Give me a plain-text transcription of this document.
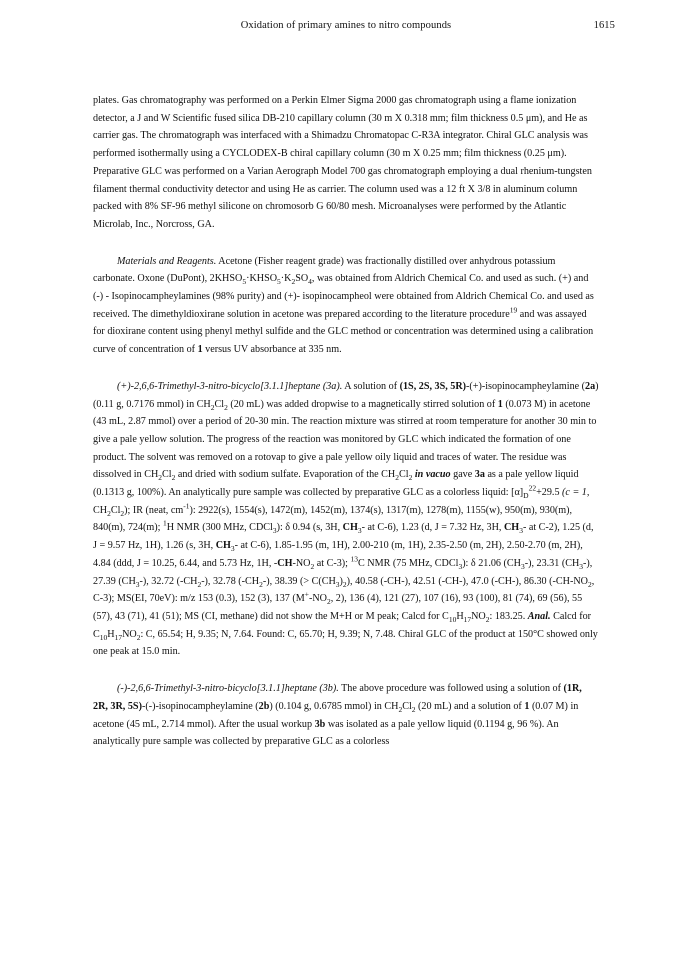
Oxidation of primary amines to nitro compounds	1615

plates. Gas chromatography was performed on a Perkin Elmer Sigma 2000 gas chromatograph using a flame ionization detector, a J and W Scientific fused silica DB-210 capillary column (30 m X 0.318 mm; film thickness 0.5 μm), and He as carrier gas. The chromatograph was interfaced with a Shimadzu Chromatopac C-R3A integrator. Chiral GLC analysis was performed isothermally using a CYCLODEX-B chiral capillary column (30 m X 0.25 mm; film thickness (0.25 μm). Preparative GLC was performed on a Varian Aerograph Model 700 gas chromatograph employing a dual rhenium-tungsten filament thermal conductivity detector and using He as carrier. The column used was a 12 ft X 3/8 in aluminum column packed with 8% SF-96 methyl silicone on chromosorb G 60/80 mesh. Microanalyses were performed by the Atlantic Microlab, Inc., Norcross, GA.

Materials and Reagents. Acetone (Fisher reagent grade) was fractionally distilled over anhydrous potassium carbonate. Oxone (DuPont), $2KHSO_5\cdot KHSO_5\cdot K_2SO_4$, was obtained from Aldrich Chemical Co. and used as such. (+) and (-) - Isopinocampheylamines (98% purity) and (+)- isopinocampheol were obtained from Aldrich Chemical Co. and used as received. The dimethyldioxirane solution in acetone was prepared according to the literature procedure$^{19}$ and was assayed for dioxirane content using phenyl methyl sulfide and the GLC method or concentration was determined using a calibration curve of concentration of 1 versus UV absorbance at 335 nm.

(+)-2,6,6-Trimethyl-3-nitro-bicyclo[3.1.1]heptane (3a). A solution of (1S, 2S, 3S, 5R)-(+)-isopinocampheylamine (2a) (0.11 g, 0.7176 mmol) in $CH_2Cl_2$ (20 mL) was added dropwise to a magnetically stirred solution of 1 (0.073 M) in acetone (43 mL, 2.87 mmol) over a period of 20-30 min. The reaction mixture was stirred at room temperature for another 30 min to give a pale yellow solution. The progress of the reaction was monitored by GLC which indicated the formation of one product. The solvent was removed on a rotovap to give a pale yellow oily liquid and traces of water. The residue was dissolved in $CH_2Cl_2$ and dried with sodium sulfate. Evaporation of the $CH_2Cl_2$ in vacuo gave 3a as a pale yellow liquid (0.1313 g, 100%). An analytically pure sample was collected by preparative GLC as a colorless liquid: $[\alpha]_D^{22}+29.5$ (c = 1, $CH_2Cl_2$); IR (neat, $cm^{-1}$): 2922(s), 1554(s), 1472(m), 1452(m), 1374(s), 1317(m), 1278(m), 1155(w), 950(m), 930(m), 840(m), 724(m); $^1$H NMR (300 MHz, CDCl$_3$): δ 0.94 (s, 3H, $CH_3-$ at C-6), 1.23 (d, J = 7.32 Hz, 3H, $CH_3-$ at C-2), 1.25 (d, J = 9.57 Hz, 1H), 1.26 (s, 3H, $CH_3-$ at C-6), 1.85-1.95 (m, 1H), 2.00-210 (m, 1H), 2.35-2.50 (m, 2H), 2.50-2.70 (m, 2H), 4.84 (ddd, J = 10.25, 6.44, and 5.73 Hz, 1H, $-CH-NO_2$ at C-3); $^{13}$C NMR (75 MHz, CDCl$_3$): δ 21.06 $(CH_3-)$, 23.31 $(CH_3-)$, 27.39 $(CH_3-)$, 32.72 $(-CH_2-)$, 32.78 $(-CH_2-)$, 38.39 (> $C(CH_3)_2$), 40.58 (-CH-), 42.51 (-CH-), 47.0 (-CH-), 86.30 ($-CH-NO_2$, C-3); MS(EI, 70eV): m/z 153 (0.3), 152 (3), 137 ($M^+-NO_2$, 2), 136 (4), 121 (27), 107 (16), 93 (100), 81 (74), 69 (56), 55 (57), 43 (71), 41 (51); MS (CI, methane) did not show the M+H or M peak; Calcd for $C_{10}H_{17}NO_2$: 183.25. Anal. Calcd for $C_{10}H_{17}NO_2$: C, 65.54; H, 9.35; N, 7.64. Found: C, 65.70; H, 9.39; N, 7.48. Chiral GLC of the product at 150°C showed only one peak at 15.0 min.

(-)-2,6,6-Trimethyl-3-nitro-bicyclo[3.1.1]heptane (3b). The above procedure was followed using a solution of (1R, 2R, 3R, 5S)-(-)-isopinocampheylamine (2b) (0.104 g, 0.6785 mmol) in $CH_2Cl_2$ (20 mL) and a solution of 1 (0.07 M) in acetone (45 mL, 2.714 mmol). After the usual workup 3b was isolated as a pale yellow liquid (0.1194 g, 96 %). An analytically pure sample was collected by preparative GLC as a colorless
